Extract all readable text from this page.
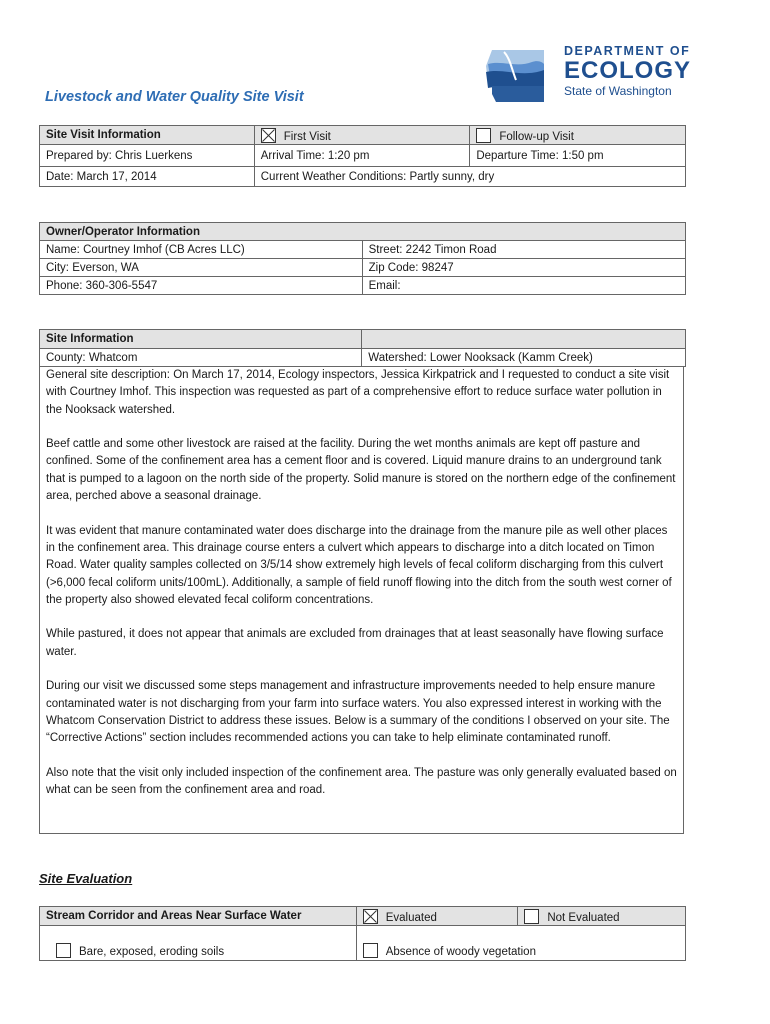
DEPARTMENT OF
ECOLOGY
State of Washington
Livestock and Water Quality Site Visit
Site Visit Information	First Visit	Follow-up Visit
Prepared by: Chris Luerkens	Arrival Time: 1:20 pm	Departure Time: 1:50 pm
Date: March 17, 2014	Current Weather Conditions: Partly sunny, dry	
Owner/Operator Information	
Name: Courtney Imhof (CB Acres LLC)	Street: 2242 Timon Road
City: Everson, WA	Zip Code: 98247
Phone: 360-306-5547	Email:
Site Information	
County: Whatcom	Watershed: Lower Nooksack (Kamm Creek)

General site description: On March 17, 2014, Ecology inspectors, Jessica Kirkpatrick and I requested to conduct a site visit with Courtney Imhof. This inspection was requested as part of a comprehensive effort to reduce surface water pollution in the Nooksack watershed.

Beef cattle and some other livestock are raised at the facility. During the wet months animals are kept off pasture and confined. Some of the confinement area has a cement floor and is covered. Liquid manure drains to an underground tank that is pumped to a lagoon on the north side of the property. Solid manure is stored on the northern edge of the confinement area, perched above a seasonal drainage.

It was evident that manure contaminated water does discharge into the drainage from the manure pile as well other places in the confinement area. This drainage course enters a culvert which appears to discharge into a ditch located on Timon Road. Water quality samples collected on 3/5/14 show extremely high levels of fecal coliform discharging from this culvert (>6,000 fecal coliform units/100mL). Additionally, a sample of field runoff flowing into the ditch from the south west corner of the property also showed elevated fecal coliform concentrations.

While pastured, it does not appear that animals are excluded from drainages that at least seasonally have flowing surface water.

During our visit we discussed some steps management and infrastructure improvements needed to help ensure manure contaminated water is not discharging from your farm into surface waters. You also expressed interest in working with the Whatcom Conservation District to address these issues. Below is a summary of the conditions I observed on your site. The “Corrective Actions” section includes recommended actions you can take to help eliminate contaminated runoff.

Also note that the visit only included inspection of the confinement area. The pasture was only generally evaluated based on what can be seen from the confinement area and road.

Site Evaluation
Stream Corridor and Areas Near Surface Water	Evaluated	Not Evaluated
Bare, exposed, eroding soils	Absence of woody vegetation	
